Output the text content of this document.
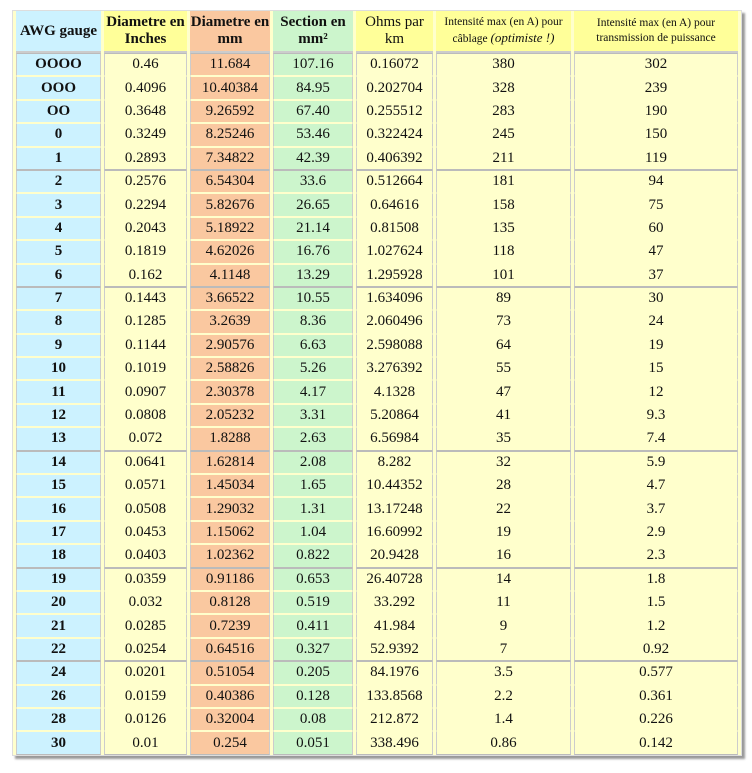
AWG gauge	Diametre en Inches	Diametre en mm	Section en mm²	Ohms par km	Intensité max (en A) pour câblage (optimiste !)	Intensité max (en A) pour transmission de puissance
OOOO	0.46	11.684	107.16	0.16072	380	302
OOO	0.4096	10.40384	84.95	0.202704	328	239
OO	0.3648	9.26592	67.40	0.255512	283	190
0	0.3249	8.25246	53.46	0.322424	245	150
1	0.2893	7.34822	42.39	0.406392	211	119
2	0.2576	6.54304	33.6	0.512664	181	94
3	0.2294	5.82676	26.65	0.64616	158	75
4	0.2043	5.18922	21.14	0.81508	135	60
5	0.1819	4.62026	16.76	1.027624	118	47
6	0.162	4.1148	13.29	1.295928	101	37
7	0.1443	3.66522	10.55	1.634096	89	30
8	0.1285	3.2639	8.36	2.060496	73	24
9	0.1144	2.90576	6.63	2.598088	64	19
10	0.1019	2.58826	5.26	3.276392	55	15
11	0.0907	2.30378	4.17	4.1328	47	12
12	0.0808	2.05232	3.31	5.20864	41	9.3
13	0.072	1.8288	2.63	6.56984	35	7.4
14	0.0641	1.62814	2.08	8.282	32	5.9
15	0.0571	1.45034	1.65	10.44352	28	4.7
16	0.0508	1.29032	1.31	13.17248	22	3.7
17	0.0453	1.15062	1.04	16.60992	19	2.9
18	0.0403	1.02362	0.822	20.9428	16	2.3
19	0.0359	0.91186	0.653	26.40728	14	1.8
20	0.032	0.8128	0.519	33.292	11	1.5
21	0.0285	0.7239	0.411	41.984	9	1.2
22	0.0254	0.64516	0.327	52.9392	7	0.92
24	0.0201	0.51054	0.205	84.1976	3.5	0.577
26	0.0159	0.40386	0.128	133.8568	2.2	0.361
28	0.0126	0.32004	0.08	212.872	1.4	0.226
30	0.01	0.254	0.051	338.496	0.86	0.142
